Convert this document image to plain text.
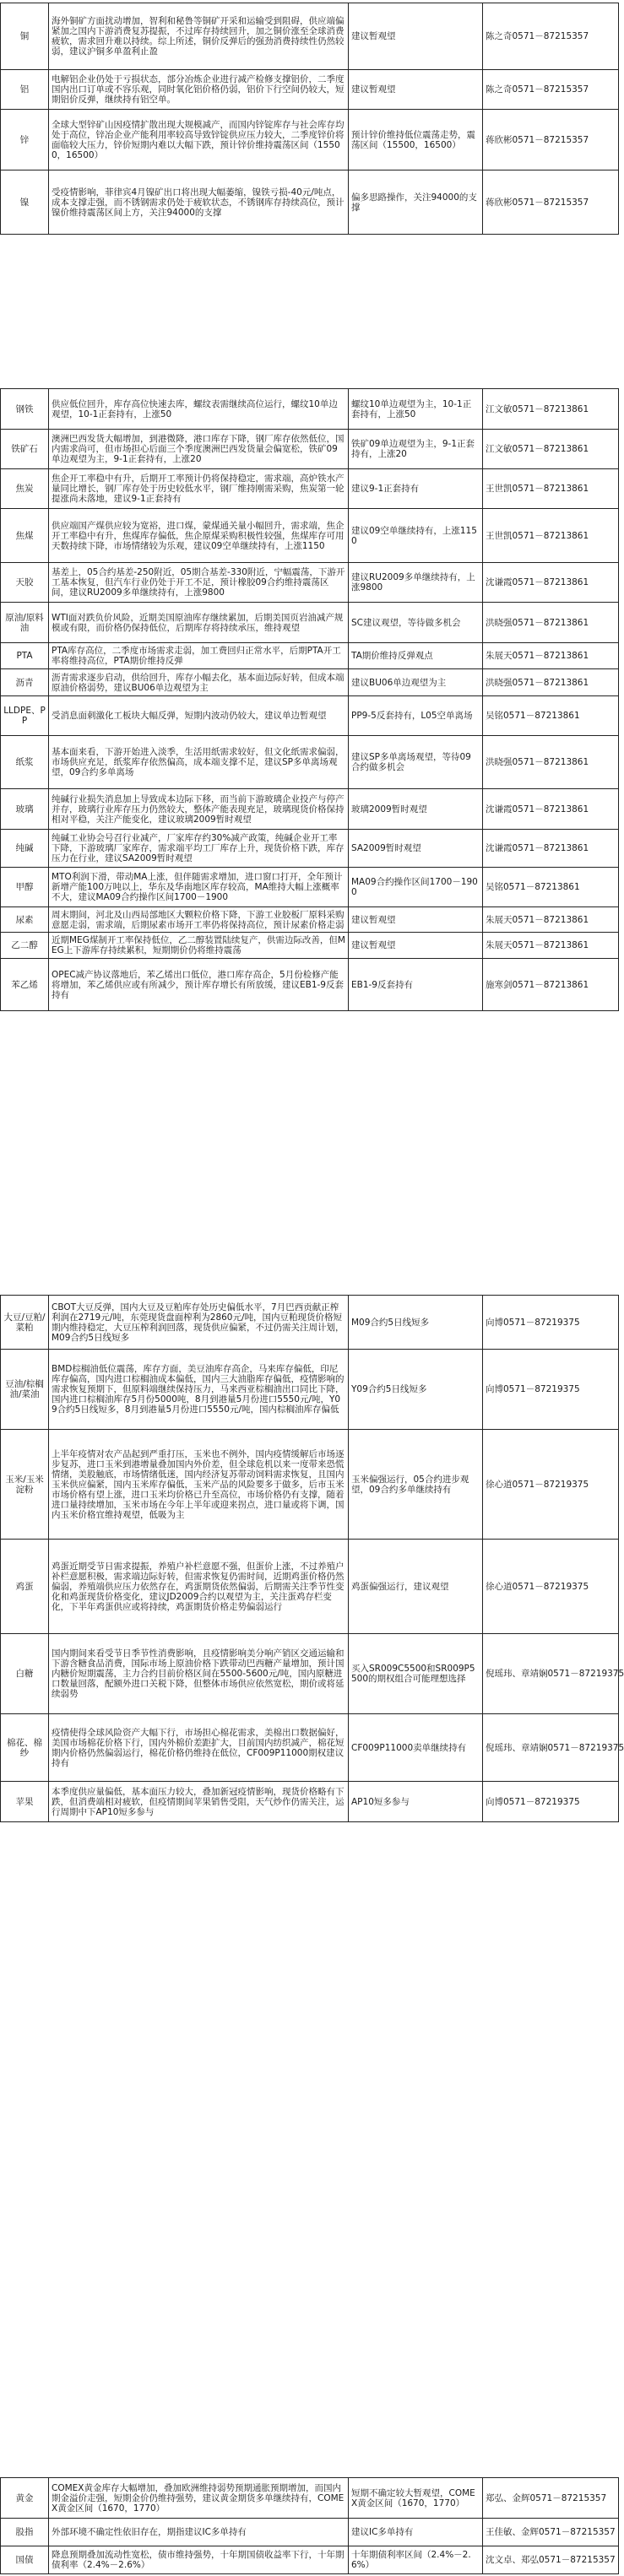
铜	海外铜矿方面扰动增加，智利和秘鲁等铜矿开采和运输受到阻碍，供应端偏紧加之国内下游消费复苏提振，不过库存持续回升，加之铜价涨至全球消费疲软，需求回升难以持续。综上所述，铜价反弹后的强劲消费持续性仍然较弱，建议沪铜多单盈利止盈	建议暂观望	陈之奇0571－87215357
铝	电解铝企业仍处于亏损状态，部分冶炼企业进行减产检修支撑铝价，二季度国内出口订单或不容乐观，同时氧化铝价格仍弱，铝价下行空间仍较大，短期铝价反弹，继续持有铝空单。	建议暂观望	陈之奇0571－87215357
锌	全球大型锌矿山因疫情扩散出现大规模减产，而国内锌锭库存与社会库存均处于高位，锌冶企业产能利用率较高导致锌锭供应压力较大，二季度锌价将面临较大压力，锌价短期内难以大幅下跌，预计锌价维持震荡区间（15500，16500）	预计锌价维持低位震荡走势，震荡区间（15500，16500）	蒋欣彬0571－87215357
镍	受疫情影响，菲律宾4月镍矿出口将出现大幅萎缩，镍铁亏损-40元/吨点，成本支撑走强，而不锈钢需求仍处于疲软状态，不锈钢库存持续高位，预计镍价维持震荡区间上方，关注94000的支撑	偏多思路操作，关注94000的支撑	蒋欣彬0571－87215357
钢铁	供应低位回升，库存高位快速去库，螺纹表需继续高位运行，螺纹10单边观望，10-1正套持有，上涨50	螺纹10单边观望为主，10-1正套持有，上涨50	江文敏0571－87213861
铁矿石	澳洲巴西发货大幅增加，到港微降，港口库存下降，钢厂库存依然低位，国内需求尚可，但市场担心后面三个季度澳洲巴西发货量会偏宽松，铁矿09单边观望为主，9-1正套持有，上涨20	铁矿09单边观望为主，9-1正套持有，上涨20	江文敏0571－87213861
焦炭	焦企开工率稳中有升，后期开工率预计仍将保持稳定，需求端，高炉铁水产量同比增长，钢厂库存处于历史较低水平，钢厂维持刚需采购，焦炭第一轮提涨尚未落地，建议9-1正套持有	建议9-1正套持有	王世凯0571－87213861
焦煤	供应端国产煤供应较为宽裕，进口煤，蒙煤通关量小幅回升，需求端，焦企开工率稳中有升，焦煤库存偏低，焦企原煤采购积极性较强，焦煤库存可用天数持续下降，市场情绪较为乐观，建议09空单继续持有，上涨1150	建议09空单继续持有，上涨1150	王世凯0571－87213861
天胶	基差上，05合约基差-250附近，05期合基差-330附近，宁幅震荡，下游开工基本恢复，但汽车行业仍处于开工不足，预计橡胶09合约维持震荡区间，建议RU2009多单继续持有，上涨9800	建议RU2009多单继续持有，上涨9800	沈谦霞0571－87213861
原油/原料油	WTI面对跌负价风险，近期美国原油库存继续累加，后期美国页岩油减产规模或有限，而价格仍保持低位，后期库存将持续承压，维持观望	SC建议观望，等待做多机会	洪晓强0571－87213861
PTA	PTA库存高位，二季度市场需求走弱，加工费回归正常水平，后期PTA开工率将维持高位，PTA期价维持反弹	TA期价维持反弹观点	朱展天0571－87213861
沥青	沥青需求逐步启动，供给回升，库存小幅去化，基本面边际好转，但成本端原油价格弱势，建议BU06单边观望为主	建议BU06单边观望为主	洪晓强0571－87213861
LLDPE、PP	受消息面刺激化工板块大幅反弹，短期内波动仍较大，建议单边暂观望	PP9-5反套持有，L05空单离场	吴铭0571－87213861
纸浆	基本面来看，下游开始进入淡季，生活用纸需求较好，但文化纸需求偏弱，市场供应充足，纸浆库存依然偏高，成本端支撑不足，建议SP多单离场观望，09合约多单离场	建议SP多单离场观望，等待09合约做多机会	洪晓强0571－87213861
玻璃	纯碱行业损失消息加上导致成本边际下移，而当前下游玻璃企业投产与停产并存，玻璃行业库存压力仍然较大，整体产能表现充足，玻璃现货价格保持相对平稳，关注产能变化，建议玻璃2009暂时观望	玻璃2009暂时观望	沈谦霞0571－87213861
纯碱	纯碱工业协会号召行业减产，厂家库存约30%减产政策，纯碱企业开工率下降，下游玻璃厂家库存，需求端平均工厂库存上升，现货价格下跌，库存压力在行业，建议SA2009暂时观望	SA2009暂时观望	沈谦霞0571－87213861
甲醇	MTO利润下滑，带动MA上涨，但伴随需求增加，进口窗口打开，全年预计新增产能100万吨以上，华东及华南地区库存较高，MA维持大幅上涨概率不大，建议MA09合约操作区间1700－1900	MA09合约操作区间1700－1900	吴铭0571－87213861
尿素	周末期间，河北及山西局部地区大颗粒价格下降，下游工业胶板厂原料采购意愿走弱，需求端，后期尿素市场开工率仍将保持高位，预计尿素价格走弱	建议暂观望	朱展天0571－87213861
乙二醇	近期MEG煤制开工率保持低位，乙二醇装置陆续复产，供需边际改善，但MEG上下游库存持续累积，短期期价仍将维持震荡	建议暂观望	朱展天0571－87213861
苯乙烯	OPEC减产协议落地后，苯乙烯出口低位，港口库存高企，5月份检修产能将增加，苯乙烯供应或有所减少，预计库存增长有所放缓，建议EB1-9反套持有	EB1-9反套持有	施寒剑0571－87213861
大豆/豆粕/菜粕	CBOT大豆反弹，国内大豆及豆粕库存处历史偏低水平，7月巴西贡献正榨利润在2719元/吨，东莞现货盘面榨利为2860元/吨，国内豆粕现货价格短期内维持稳定，大豆压榨利润回落，现货供应偏紧，不过仍需关注周计划，M09合约5日线短多	M09合约5日线短多	向博0571－87219375
豆油/棕榈油/菜油	BMD棕榈油低位震荡，库存方面，美豆油库存高企，马来库存偏低，印尼库存偏高，国内进口棕榈油成本偏低，国内三大油脂库存偏低，疫情影响的需求恢复预期下，但原料端继续保持压力，马来西亚棕榈油出口同比下降，国内进口棕榈油库存5月份5000吨，8月到港量5月份进口5550元/吨，Y09合约5日线短多，8月到港量5月份进口5550元/吨，国内棕榈油库存偏低	Y09合约5日线短多	向博0571－87219375
玉米/玉米淀粉	上半年疫情对农产品起到严重打压，玉米也不例外，国内疫情缓解后市场逐步复苏，进口玉米到港增量叠加国内外价差，但全球危机以来一度带来恐慌情绪，美股触底，市场情绪低迷，国内经济复苏带动饲料需求恢复，且国内玉米供应偏紧，国内玉米库存偏低，玉米产品的风险要多于做多，后市玉米市场价格有望上涨，进口玉米均价格已升至高位，市场价格仍有支撑，随着进口量持续增加，玉米市场在今年上半年或迎来拐点，进口量或将下调，国内玉米价格宜维持观望，低吸为主	玉米偏强运行，05合约进步观望，09合约多单继续持有	徐心道0571－87219375
鸡蛋	鸡蛋近期受节日需求提振，养殖户补栏意愿不强，但蛋价上涨，不过养殖户补栏意愿积极，需求端边际好转，但需求恢复仍需时间，近期鸡蛋价格仍然偏弱，养殖端供应压力依然存在，鸡蛋期货依然偏弱，后期需关注季节性变化和鸡蛋现货价格变化，建议JD2009合约以观望为主，关注蛋鸡存栏变化，下半年鸡蛋供应或将持续，鸡蛋期货价格走势偏弱运行	鸡蛋偏强运行，建议观望	徐心道0571－87219375
白糖	国内期间来看受节日季节性消费影响，且疫情影响美分响产销区交通运输和下游含糖食品消费，国际市场上原油价格下跌带动巴西糖产量增加，预计国内糖价短期震荡，主力合约目前价格区间在5500-5600元/吨，国内原糖进口数量回落，配额外进口关税下降，但整体市场供应依然宽松，期价或将延续弱势	买入SR009C5500和SR009P5500的期权组合可能理想选择	倪瑶玮、章靖娴0571－87219375
棉花、棉纱	疫情使得全球风险资产大幅下行，市场担心棉花需求，美棉出口数据偏好，美国市场棉花价格下行，国内外棉价差距扩大，目前国内纺织减产，棉花短期内价格仍然偏弱运行，棉花价格仍维持在低位，CF009P11000期权建议持有	CF009P11000卖单继续持有	倪瑶玮、章靖娴0571－87219375
苹果	本季度供应量偏低，基本面压力较大，叠加新冠疫情影响，现货价格略有下跌，但消费端相对疲软，但疫情期间苹果销售受阻，天气炒作仍需关注，运行周期中下AP10短多参与	AP10短多参与	向博0571－87219375
黄金	COMEX黄金库存大幅增加，叠加欧洲维持弱势预期通胀预期增加，而国内期金溢价走强，短期金价仍维持强势，建议黄金期货多单继续持有，COMEX黄金区间（1670，1770）	短期不确定较大暂观望，COMEX黄金区间（1670，1770）	郑弘、金辉0571－87215357
股指	外部环境不确定性依旧存在，期指建议IC多单持有	建议IC多单持有	王佳敏、金辉0571－87215357
国债	降息预期叠加流动性宽松，债市维持强势，十年期国债收益率下行，十年期债利率（2.4%－2.6%）	十年期债利率区间（2.4%－2.6%）	沈文卓、郑弘0571－87215357
